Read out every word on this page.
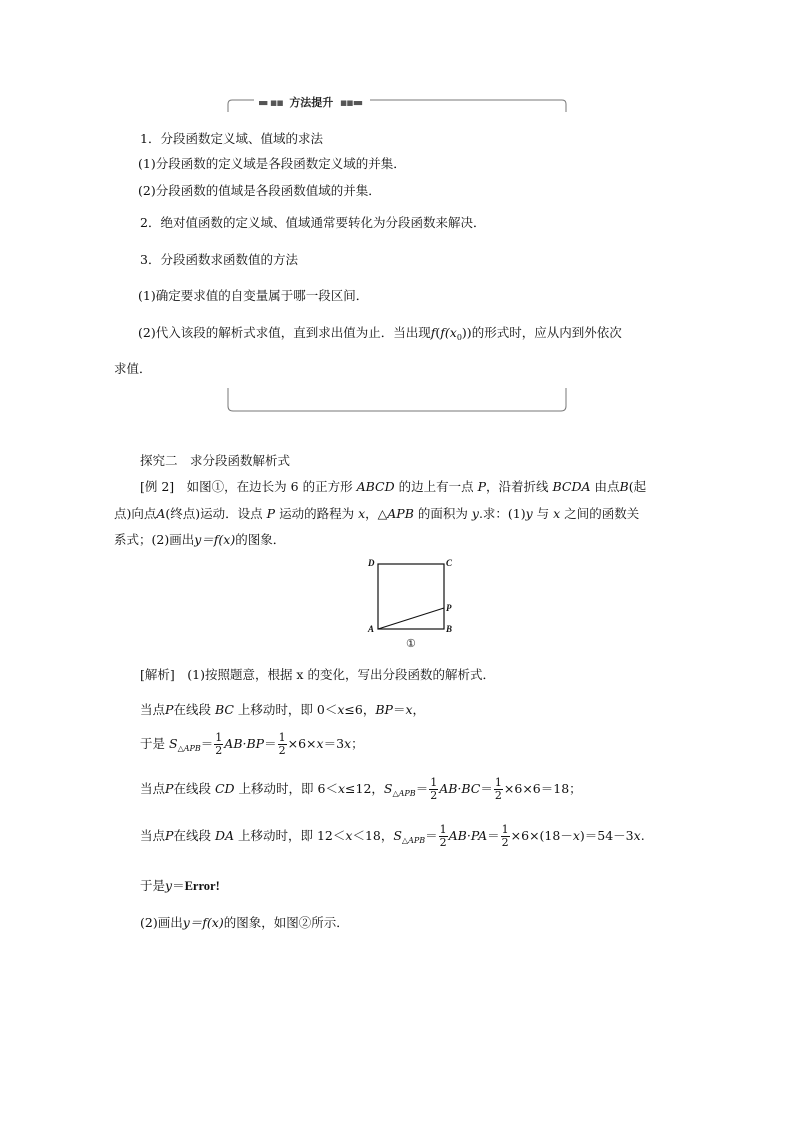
▬ ▪▪ 方法提升 ▪▪▬
1．分段函数定义域、值域的求法
(1)分段函数的定义域是各段函数定义域的并集．
(2)分段函数的值域是各段函数值域的并集．
2．绝对值函数的定义域、值域通常要转化为分段函数来解决．
3．分段函数求函数值的方法
(1)确定要求值的自变量属于哪一段区间．
(2)代入该段的解析式求值，直到求出值为止．当出现$f(f(x_0))$的形式时，应从内到外依次
求值．
探究二　求分段函数解析式
[例 2]　如图①，在边长为 6 的正方形 ABCD 的边上有一点 P，沿着折线 BCDA 由点B(起
点)向点A(终点)运动．设点 P 运动的路程为 x，△APB 的面积为 y.求：(1)y 与 x 之间的函数关
系式；(2)画出y＝f(x)的图象．
D	C
P
A	B
①
[解析]　(1)按照题意，根据 x 的变化，写出分段函数的解析式．
当点P在线段 BC 上移动时，即 0＜x≤6，BP＝x，
于是 $S_{\triangle APB}= \frac{1}{2} AB\cdot BP= \frac{1}{2} \times 6\times x=3x$；
当点P在线段 CD 上移动时，即 6＜x≤12，$S_{\triangle APB}= \frac{1}{2} AB\cdot BC= \frac{1}{2} \times 6\times 6=18$；
当点P在线段 DA 上移动时，即 12＜x＜18，$S_{\triangle APB}= \frac{1}{2} AB\cdot PA= \frac{1}{2} \times 6\times(18-x)=54-3x$.
于是y＝Error!
(2)画出y＝f(x)的图象，如图②所示．
